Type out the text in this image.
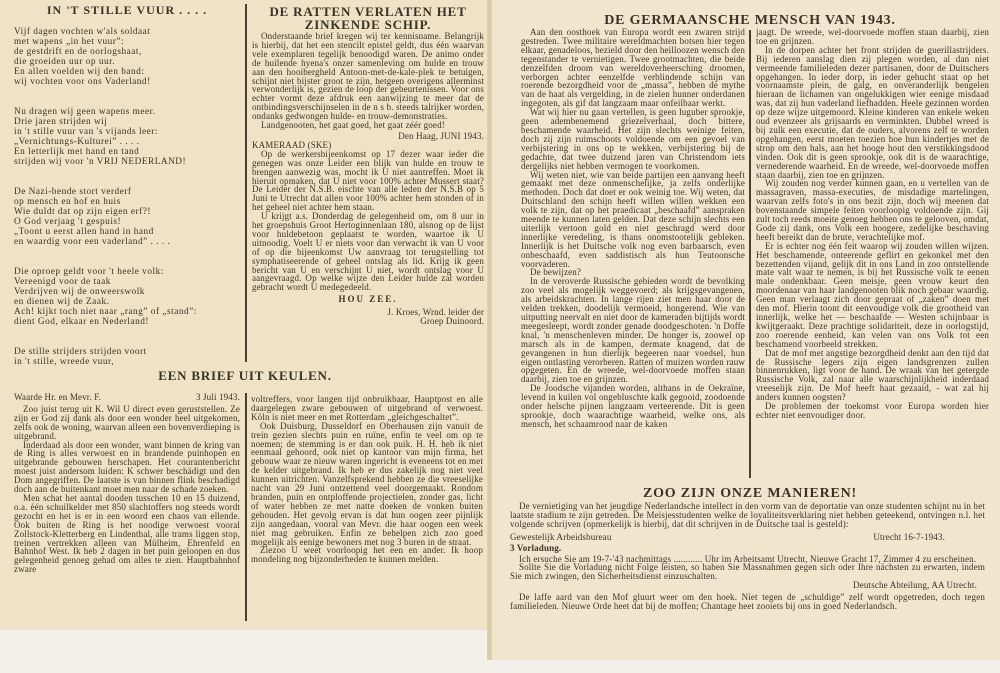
IN 'T STILLE VUUR . . . .
Vijf dagen vochten w'als soldaat
met wapens „in het vuur”:
de gestdrift en de oorlogshaat,
die groeiden uur op uur.
En allen voelden wij den band:
wij vochten voor ons Vaderland!
Nu dragen wij geen wapens meer.
Drie jaren strijden wij
in 't stille vuur van 's vijands leer:
„Vernichtungs-Kulturei” . . . .
En letterlijk met hand en tand
strijden wij voor 'n VRIJ NEDERLAND!
De Nazi-bende stort verderf
op mensch en hof en huis
Wie duldt dat op zijn eigen erf?!
O God verjaag 't gespuis!
„Toont u eerst allen hand in hand
en waardig voor een vaderland” . . . .
Die oproep geldt voor 't heele volk:
Vereenigd voor de taak
Verdrijven wij de onweerswolk
en dienen wij de Zaak.
Ach! kijkt toch niet naar „rang” of „stand”:
dient God, elkaar en Nederland!
De stille strijders strijden voort
in 't stille, wreede vuur,

DE RATTEN VERLATEN HET
ZINKENDE SCHIP.

Onderstaande brief kregen wij ter kennisname. Belangrijk is hierbij, dat het een stencilt epistel geldt, dus één waarvan vele exemplaren tegelijk benoodigd waren. De animo onder de huilende hyena's onzer samenleving om hulde en trouw aan den hooibergheld Antoon-met-de-kale-plek te betuigen, schijnt niet bijster groot te zijn, hetgeen overigens allerminst verwonderlijk is, gezien de loop der gebeurtenissen. Voor ons echter vormt deze afdruk een aanwijzing te meer dat de ontbindingsverschijnselen in de n s b. steeds talrijker worden, ondanks gedwongen hulde- en trouw-demonstraties.

Landgenooten, het gaat goed, het gaat zéér goed!

Den Haag, JUNI 1943.
KAMERAAD (SKE)

Op de werkersbijeenkomst op 17 dezer waar ieder die genegen was onze Leider een blijk van hulde en trouw te brengen aanwezig was, mocht ik U niet aantreffen. Moet ik hieruit opmaken, dat U niet voor 100% achter Mussert staat? De Leider der N.S.B. eischte van alle leden der N.S.B op 5 Juni te Utrecht dat allen voor 100% achter hem stonden of in het geheel niet achter hem staan.

U krijgt a.s. Donderdag de gelegenheid om, om 8 uur in het groepshuis Groot Hertoginnenlaan 180, alsnog op de lijst voor huldebetoon geplaatst te worden, waartoe ik U uitnoodig. Voelt U er niets voor dan verwacht ik van U voor of op die bijeenkomst Uw aanvraag tot terugstelling tot symphatiseerende of geheel ontslag als lid. Krijg ik geen bericht van U en verschijnt U niet, wordt ontslag voor U aangevraagd. Op welke wijze den Leider hulde zal worden gebracht wordt U medegedeeld.

HOU ZEE.
J. Kroes, Wrnd. leider der
Groep Duinoord.
EEN BRIEF UIT KEULEN.
Waarde Hr. en Mevr. F.	3 Juli 1943.

Zoo juist terug uit K. Wil U direct even geruststellen. Ze zijn er God zij dank als door een wonder heel uitgekomen, zelfs ook de woning, waarvan alleen een bovenverdieping is uitgebrand.

Inderdaad als door een wonder, want binnen de kring van de Ring is alles verwoest en in brandende puinhopen en uitgebrande gebouwen herschapen. Het courantenbericht moest juist andersom luiden: K schwer beschädigt und den Dom angegriffen. De laatste is van binnen flink beschadigd doch aan de buitenkant moet men naar de schade zoeken.

Men schat het aantal dooden tusschen 10 en 15 duizend, o.a. één schuilkelder met 850 slachtoffers nog steeds wordt gezocht en het is er in een woord een chaos van ellende. Ook buiten de Ring is het noodige verwoest vooral Zollstock-Kletterberg en Lindenthal, alle trams liggen stop, treinen vertrekken alleen van Mülheim, Ehrenfeld en Bahnhof West. Ik heb 2 dagen in het puin geloopen en dus gelegenheid genoeg gehad om alles te zien. Hauptbahnhof zware

voltreffers, voor langen tijd onbruikbaar, Hauptpost en alle daargelegen zware gebouwen of uitgebrand of verwoest. Köln is niet meer en met Rotterdam „gleichgeschaltet”.

Ook Duisburg, Dusseldorf en Oberhausen zijn vanuit de trein gezien slechts puin en ruïne, enfin te veel om op te noemen; de stemming is er dan ook puik. H. H. heb ik niet eenmaal gehoord, ook niet op kantoor van mijn firma, het gebouw waar ze nieuw waren ingericht is eveneens tot en met de kelder uitgebrand. Ik heb er dus zakelijk nog niet veel kunnen uitrichten. Vanzelfsprekend hebben ze die vreeselijke nacht van 29 Juni ontzettend veel doorgemaakt. Rondom branden, puin en ontploffende projectielen, zonder gas, licht of water hebben ze met natte doeken de vonken buiten gehouden. Het gevolg ervan is dat hun oogen zeer pijnlijk zijn aangedaan, vooral van Mevr. die haar oogen een week niet mag gebruiken. Enfin ze behelpen zich zoo goed mogelijk als eenige bewoners met nog 3 buren in de straat.

Ziezoo U weet voorloopig het een en ander. Ik hoop mondeling nog bijzonderheden te kunnen melden.

DE GERMAANSCHE MENSCH VAN 1943.

Aan den oosthoek van Europa wordt een zwaren strijd gestreden. Twee militaire wereldmachten botsen hier tegen elkaar, genadeloos, bezield door den heilloozen wensch den tegenstander te vernietigen. Twee grootmachten, die beide denzelfden droom van wereldoverheersching droomen, verborgen achter eenzelfde verblindende schijn van roerende bezorgdheid voor de „massa”, hebben de mythe van de haat als vergelding, in de zielen hunner onderdanen ingegoten, als gif dat langzaam maar onfeilbaar werkt.

Wat wij hier nu gaan vertellen, is geen luguber sprookje, geen adembenemend griezelverhaal, doch bittere, beschamende waarheid. Het zijn slechts weinige feiten, doch zij zijn ruimschoots voldoende om een gevoel van verbijstering in ons op te wekken, verbijstering bij de gedachte, dat twee duizend jaren van Christendom iets dergelijks niet hebben vermogen te voorkomen.

Wij weten niet, wie van beide partijen een aanvang heeft gemaakt met deze onmenschelijke, ja zelfs onderlijke methoden. Doch dat doet er ook weinig toe. Wij weten, dat Duitschland den schijn heeft willen willen wekken een volk te zijn, dat op het praedicaat „beschaafd” aanspraken meende te kunnen laten gelden. Dat deze schijn slechts een uiterlijk vertoon gold en niet geschragd werd door innerlijke veredeling, is thans onomstootelijk gebleken. Innerlijk is het Duitsche volk nog even barbaarsch, even onbeschaafd, even saddistisch als hun Teutoonsche voorvaderen.

De bewijzen?

In de veroverde Russische gebieden wordt de bevolking zoo veel als mogelijk weggevoerd; als krijgsgevangenen, als arbeidskrachten. In lange rijen ziet men haar door de velden trekken, doodelijk vermoeid, hongerend. Wie van uitputting neervalt en niet door de kameraden bijtijds wordt meegesleept, wordt zonder genade doodgeschoten. 'n Doffe knal, 'n menschenleven minder. De honger is, zoowel op marsch als in de kampen, dermate knagend, dat de gevangenen in hun dierlijk begeeren naar voedsel, hun eigen ontlasting verorberen. Ratten of muizen worden rauw opgegeten. En de wreede, wel-doorvoede moffen staan daarbij, zien toe en grijnzen.

De Joodsche vijanden worden, althans in de Oekraïne, levend in kuilen vol ongebluschte kalk gegooid, zoodoende onder helsche pijnen langzaam verteerende. Dit is geen sprookje, doch waarachtige waarheid, welke ons, als mensch, het schaamrood naar de kaken

jaagt. De wreede, wel-doorvoede moffen staan daarbij, zien toe en grijnzen.

In de dorpen achter het front strijden de guerillastrijders. Bij iederen aanslag dien zij plegen worden, al dan niet vermeende familieleden dezer partisanen, door de Duitschers opgehangen. In ieder dorp, in ieder gehucht staat op het voornaamste plein, de galg, en onveranderlijk bengelen hieraan de lichamen van ongelukkigen wier eenige misdaad was, dat zij hun vaderland liefhadden. Heele gezinnen worden op deze wijze uitgemoord. Kleine kinderen van enkele weken oud evenzeer als grijsaards en verminkten. Dubbel wreed is bij zulk een executie, dat de ouders, alvorens zelf te worden opgehangen, eerst moeten toezien hoe hun kindertjes met de strop om den hals, aan het hooge hout den verstikkingsdood vinden. Ook dit is geen sprookje, ook dit is de waarachtige, vernederende waarheid. En de wreede, wel-doorvoede moffen staan daarbij, zien toe en grijnzen.

Wij zouden nog verder kunnen gaan, en u vertellen van de massagraven, massa-executies, de misdadige martelingen, waarvan zelfs foto's in ons bezit zijn, doch wij meenen dat bovenstaande simpele feiten voorloopig voldoende zijn. Gij zult toch reeds moeite genoeg hebben ons te gelooven, omdat, Gode zij dank, ons Volk een hoogere, zedelijke beschaving heeft bereikt dan de brute, verachtelijke mof.

Er is echter nog één feit waarop wij zouden willen wijzen. Het beschamende, onteerende geflirt en gekonkel met den bezettenden vijand, gelijk dit in ons Land in zoo ontstellende mate valt waar te nemen, is bij het Russische volk te eenen male ondenkbaar. Geen meisje, geen vrouw keurt den moordenaar van haar landgenooten blik noch gebaar waardig. Geen man verlaagt zich door gepraat of „zaken” doen met den mof. Hierin toont dit eenvoudige volk die grootheid van innerlijk, welke het — beschaafde — Westen schijnbaar is kwijtgeraakt. Deze prachtige solidariteit, deze in oorlogstijd, zoo roerende eenheid, kan velen van ons Volk tot een beschamend voorbeeld strekken.

Dat de mof met angstige bezorgdheid denkt aan den tijd dat de Russische legers zijn eigen landsgrenzen zullen binnenrukken, ligt voor de hand. De wraak van het getergde Russische Volk, zal naar alle waarschijnlijkheid inderdaad vreeselijk zijn. De Mof heeft haat gezaaid, - wat zal hij anders kunnen oogsten?

De problemen der toekomst voor Europa worden hier echter niet eenvoudiger door.

ZOO ZIJN ONZE MANIEREN!

De vernietiging van het jeugdige Nederlandsche intellect in den vorm van de deportatie van onze studenten schijnt nu in het laatste stadium te zijn getreden. De Meisjesstudenten welke de loyaliteitsverklaring niet hebben geteekend, ontvingen n.l. het volgende schrijven (opmerkelijk is hierbij, dat dit schrijven in de Duitsche taal is gesteld):

Gewestelijk Arbeidsbureau	Utrecht 16-7-1943.
3 Vorladung.

Ich ersuche Sie am 19-7-'43 nachmittags ............ Uhr im Arbeitsamt Utrecht, Nieuwe Gracht 17, Zimmer 4 zu erscheinen.

Sollte Sie die Vorladung nicht Folge leisten, so haben Sie Massnahmen gegen sich oder Ihre nächsten zu erwarten, indem Sie mich zwingen, den Sicherheitsdienst einzuschalten.

Deutsche Abteilung, AA Utrecht.

De laffe aard van den Mof gluurt weer om den hoek. Niet tegen de „schuldige” zelf wordt opgetreden, doch tegen familieleden. Nieuwe Orde heet dat bij de moffen; Chantage heet zooiets bij ons in goed Nederlandsch.
